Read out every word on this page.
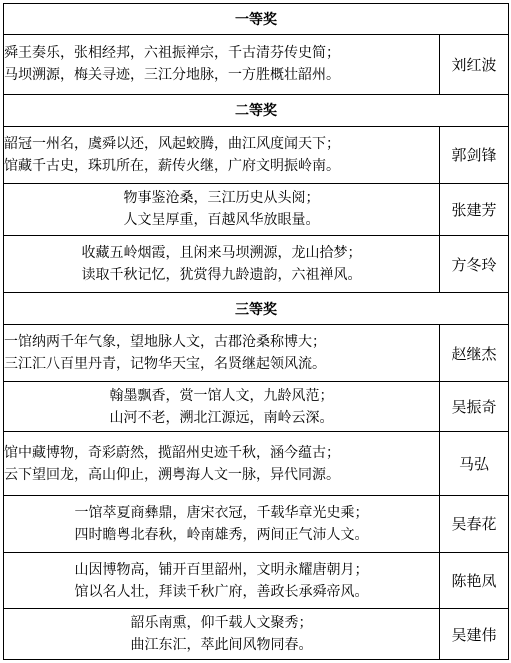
一等奖	

舜王奏乐，张相经邦，六祖振禅宗，千古清芬传史简；
马坝溯源，梅关寻迹，三江分地脉，一方胜概壮韶州。	刘红波
二等奖	

韶冠一州名，虞舜以还，风起蛟腾，曲江风度闻天下；
馆藏千古史，珠玑所在，薪传火继，广府文明振岭南。	郭剑锋

物事鉴沧桑，三江历史从头阅；
人文呈厚重，百越风华放眼量。	张建芳

收藏五岭烟霞，且闲来马坝溯源，龙山拾梦；
读取千秋记忆，犹赏得九龄遗韵，六祖禅风。	方冬玲
三等奖	

一馆纳两千年气象，望地脉人文，古郡沧桑称博大；
三江汇八百里丹青，记物华天宝，名贤继起领风流。	赵继杰

翰墨飘香，赏一馆人文，九龄风范；
山河不老，溯北江源远，南岭云深。	吴振奇

馆中藏博物，奇彩蔚然，揽韶州史迹千秋，涵今蕴古；
云下望回龙，高山仰止，溯粤海人文一脉，异代同源。	马弘

一馆萃夏商彝鼎，唐宋衣冠，千载华章光史乘；
四时瞻粤北春秋，岭南雄秀，两间正气沛人文。	吴春花

山因博物高，铺开百里韶州，文明永耀唐朝月；
馆以名人壮，拜读千秋广府，善政长承舜帝风。	陈艳凤

韶乐南熏，仰千载人文聚秀；
曲江东汇，萃此间风物同春。	吴建伟
